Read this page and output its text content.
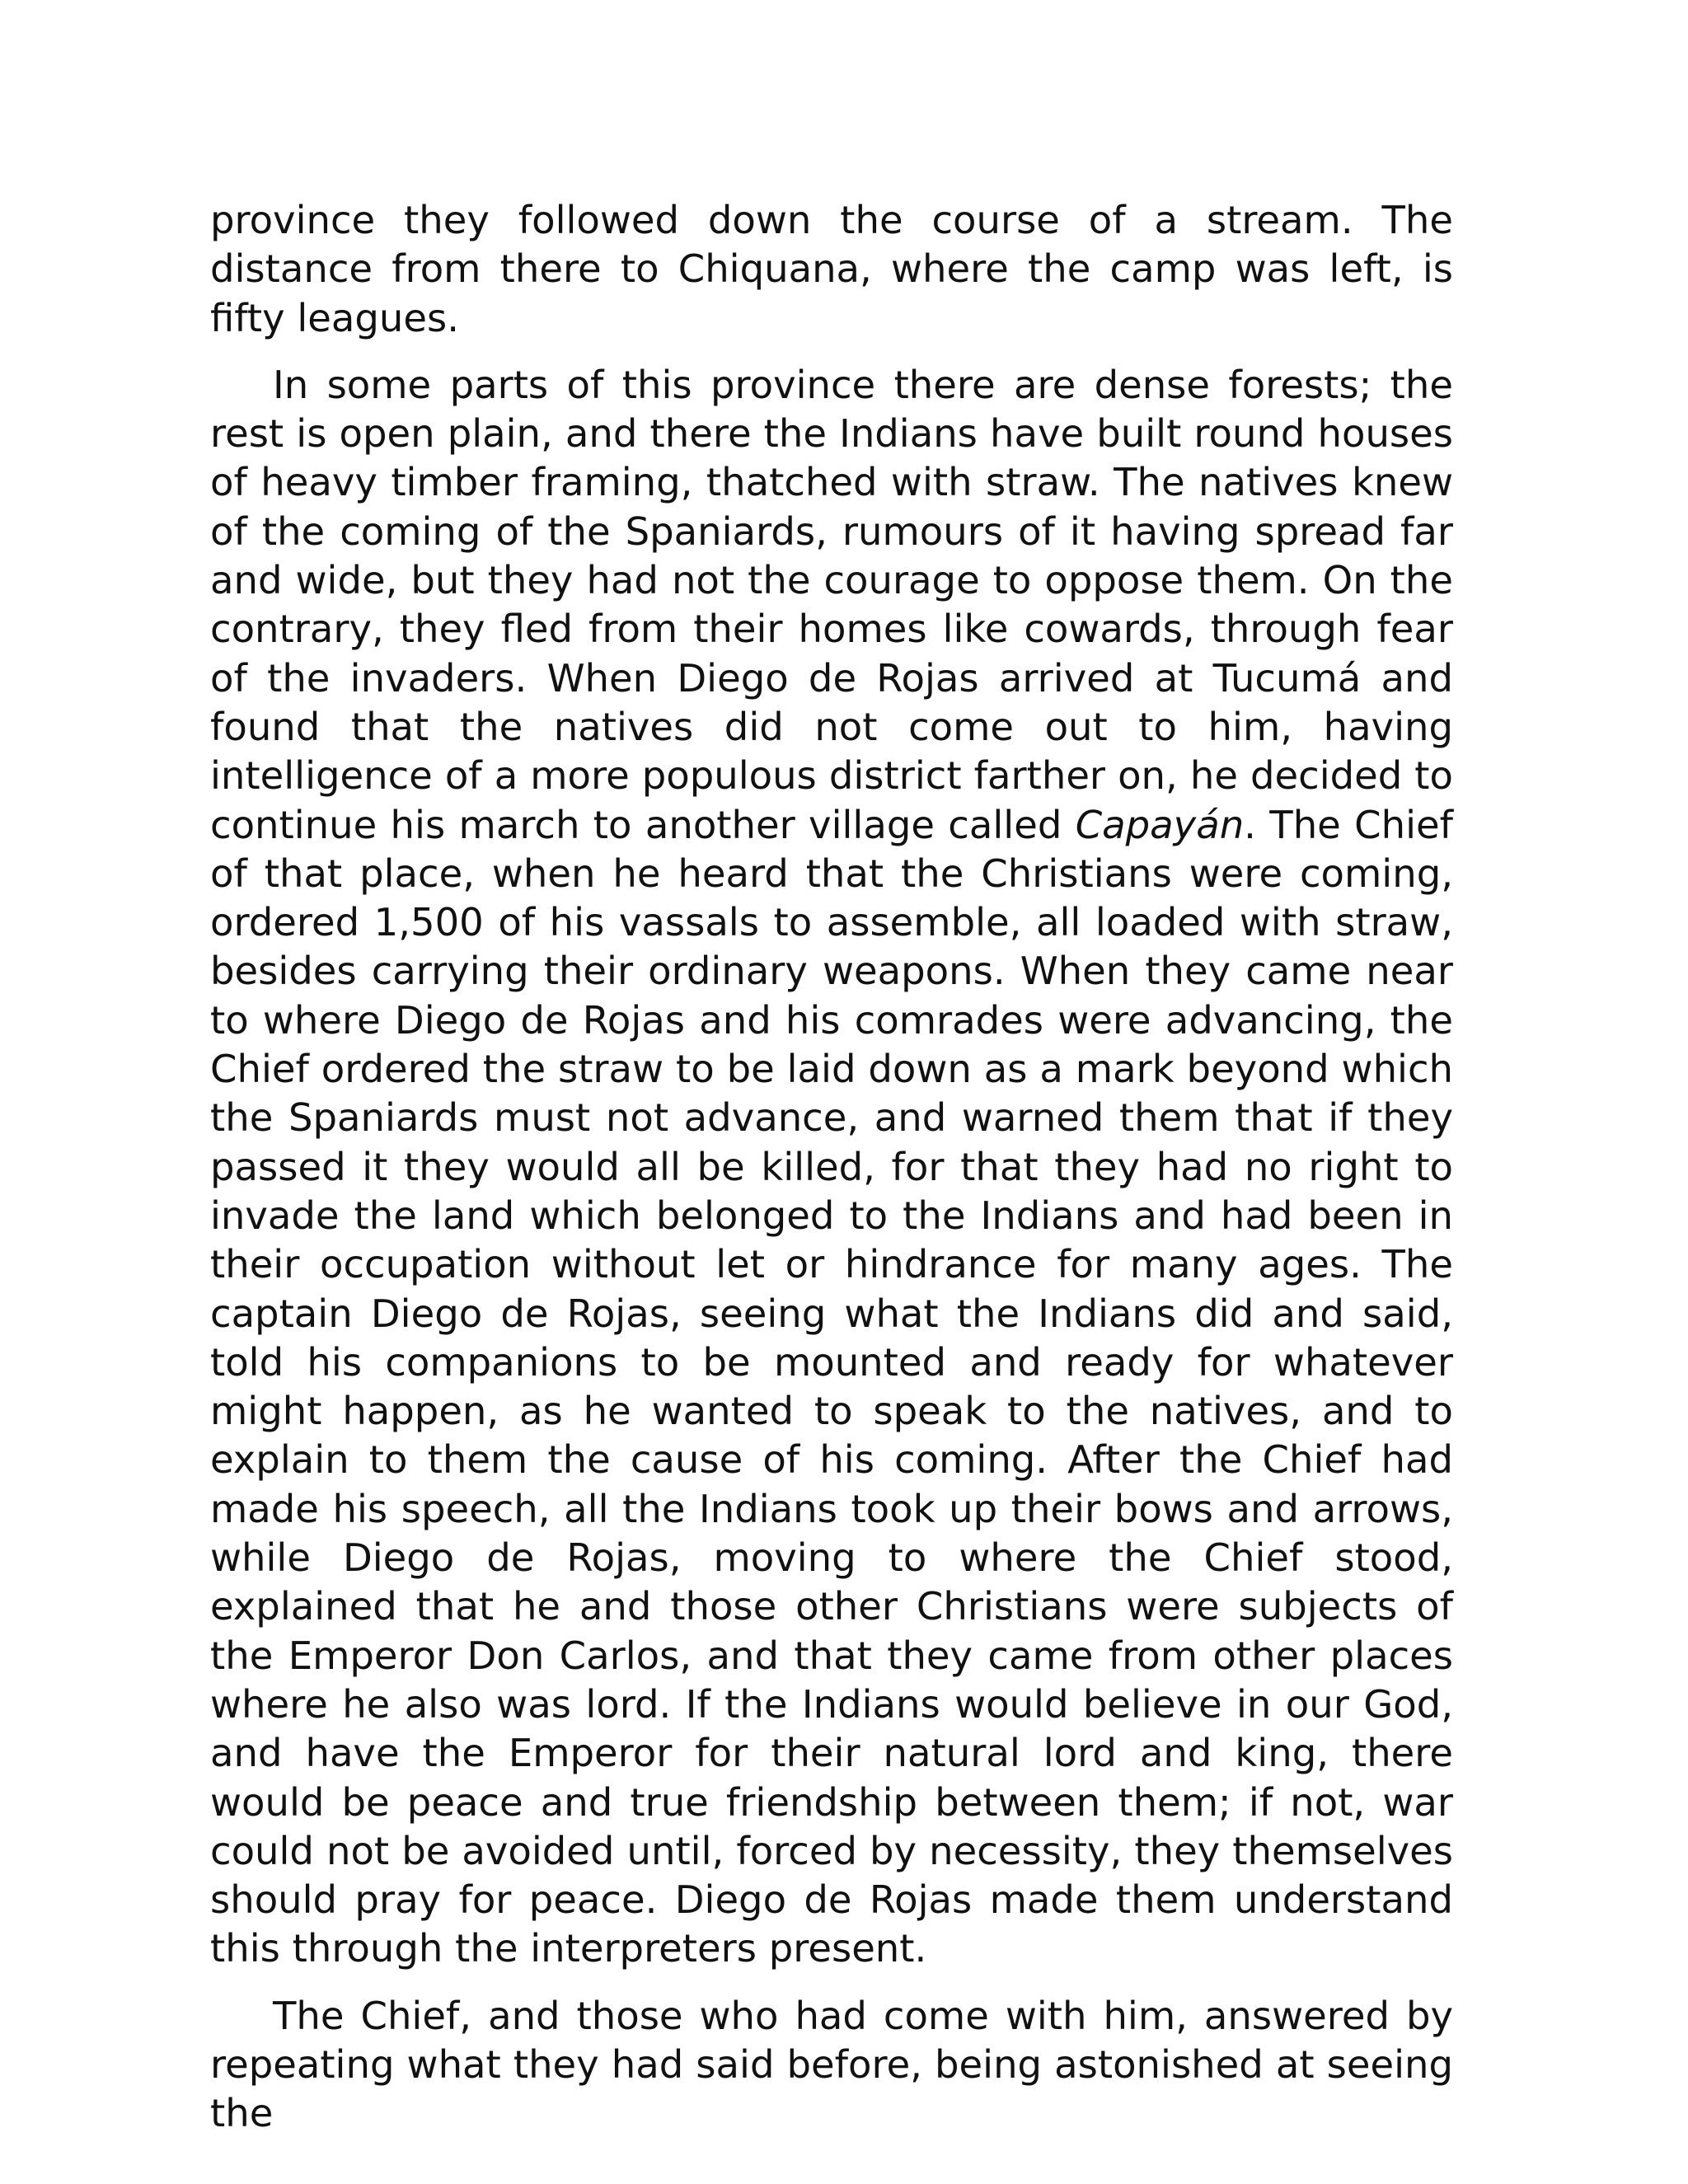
province they followed down the course of a stream. The distance from there to Chiquana, where the camp was left, is fifty leagues.

In some parts of this province there are dense forests; the rest is open plain, and there the Indians have built round houses of heavy timber framing, thatched with straw. The natives knew of the coming of the Spaniards, rumours of it having spread far and wide, but they had not the courage to oppose them. On the contrary, they fled from their homes like cowards, through fear of the invaders. When Diego de Rojas arrived at Tucumá and found that the natives did not come out to him, having intelligence of a more populous district farther on, he decided to continue his march to another village called Capayán. The Chief of that place, when he heard that the Christians were coming, ordered 1,500 of his vassals to assemble, all loaded with straw, besides carrying their ordinary weapons. When they came near to where Diego de Rojas and his comrades were advancing, the Chief ordered the straw to be laid down as a mark beyond which the Spaniards must not advance, and warned them that if they passed it they would all be killed, for that they had no right to invade the land which belonged to the Indians and had been in their occupation without let or hindrance for many ages. The captain Diego de Rojas, seeing what the Indians did and said, told his companions to be mounted and ready for whatever might happen, as he wanted to speak to the natives, and to explain to them the cause of his coming. After the Chief had made his speech, all the Indians took up their bows and arrows, while Diego de Rojas, moving to where the Chief stood, explained that he and those other Christians were subjects of the Emperor Don Carlos, and that they came from other places where he also was lord. If the Indians would believe in our God, and have the Emperor for their natural lord and king, there would be peace and true friendship between them; if not, war could not be avoided until, forced by necessity, they themselves should pray for peace. Diego de Rojas made them understand this through the interpreters present.

The Chief, and those who had come with him, answered by repeating what they had said before, being astonished at seeing the
